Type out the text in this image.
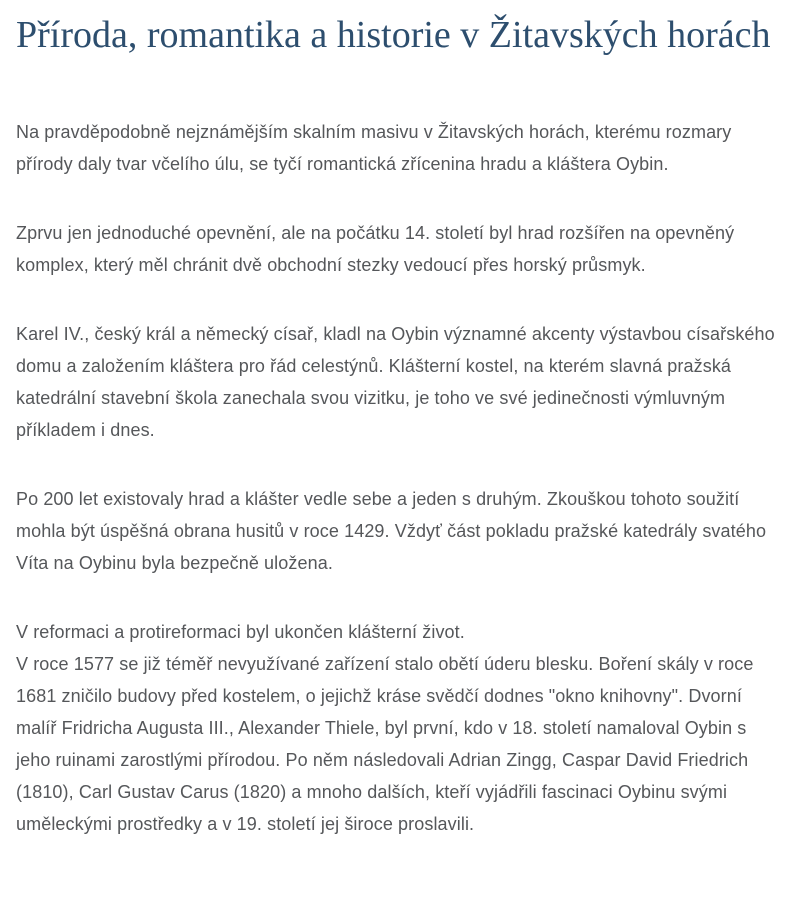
Příroda, romantika a historie v Žitavských horách

Na pravděpodobně nejznámějším skalním masivu v Žitavských horách, kterému rozmary přírody daly tvar včelího úlu, se tyčí romantická zřícenina hradu a kláštera Oybin.

Zprvu jen jednoduché opevnění, ale na počátku 14. století byl hrad rozšířen na opevněný komplex, který měl chránit dvě obchodní stezky vedoucí přes horský průsmyk.

Karel IV., český král a německý císař, kladl na Oybin významné akcenty výstavbou císařského domu a založením kláštera pro řád celestýnů. Klášterní kostel, na kterém slavná pražská katedrální stavební škola zanechala svou vizitku, je toho ve své jedinečnosti výmluvným příkladem i dnes.

Po 200 let existovaly hrad a klášter vedle sebe a jeden s druhým. Zkouškou tohoto soužití mohla být úspěšná obrana husitů v roce 1429. Vždyť část pokladu pražské katedrály svatého Víta na Oybinu byla bezpečně uložena.

V reformaci a protireformaci byl ukončen klášterní život.
V roce 1577 se již téměř nevyužívané zařízení stalo obětí úderu blesku. Boření skály v roce 1681 zničilo budovy před kostelem, o jejichž kráse svědčí dodnes "okno knihovny". Dvorní malíř Fridricha Augusta III., Alexander Thiele, byl první, kdo v 18. století namaloval Oybin s jeho ruinami zarostlými přírodou. Po něm následovali Adrian Zingg, Caspar David Friedrich (1810), Carl Gustav Carus (1820) a mnoho dalších, kteří vyjádřili fascinaci Oybinu svými uměleckými prostředky a v 19. století jej široce proslavili.
